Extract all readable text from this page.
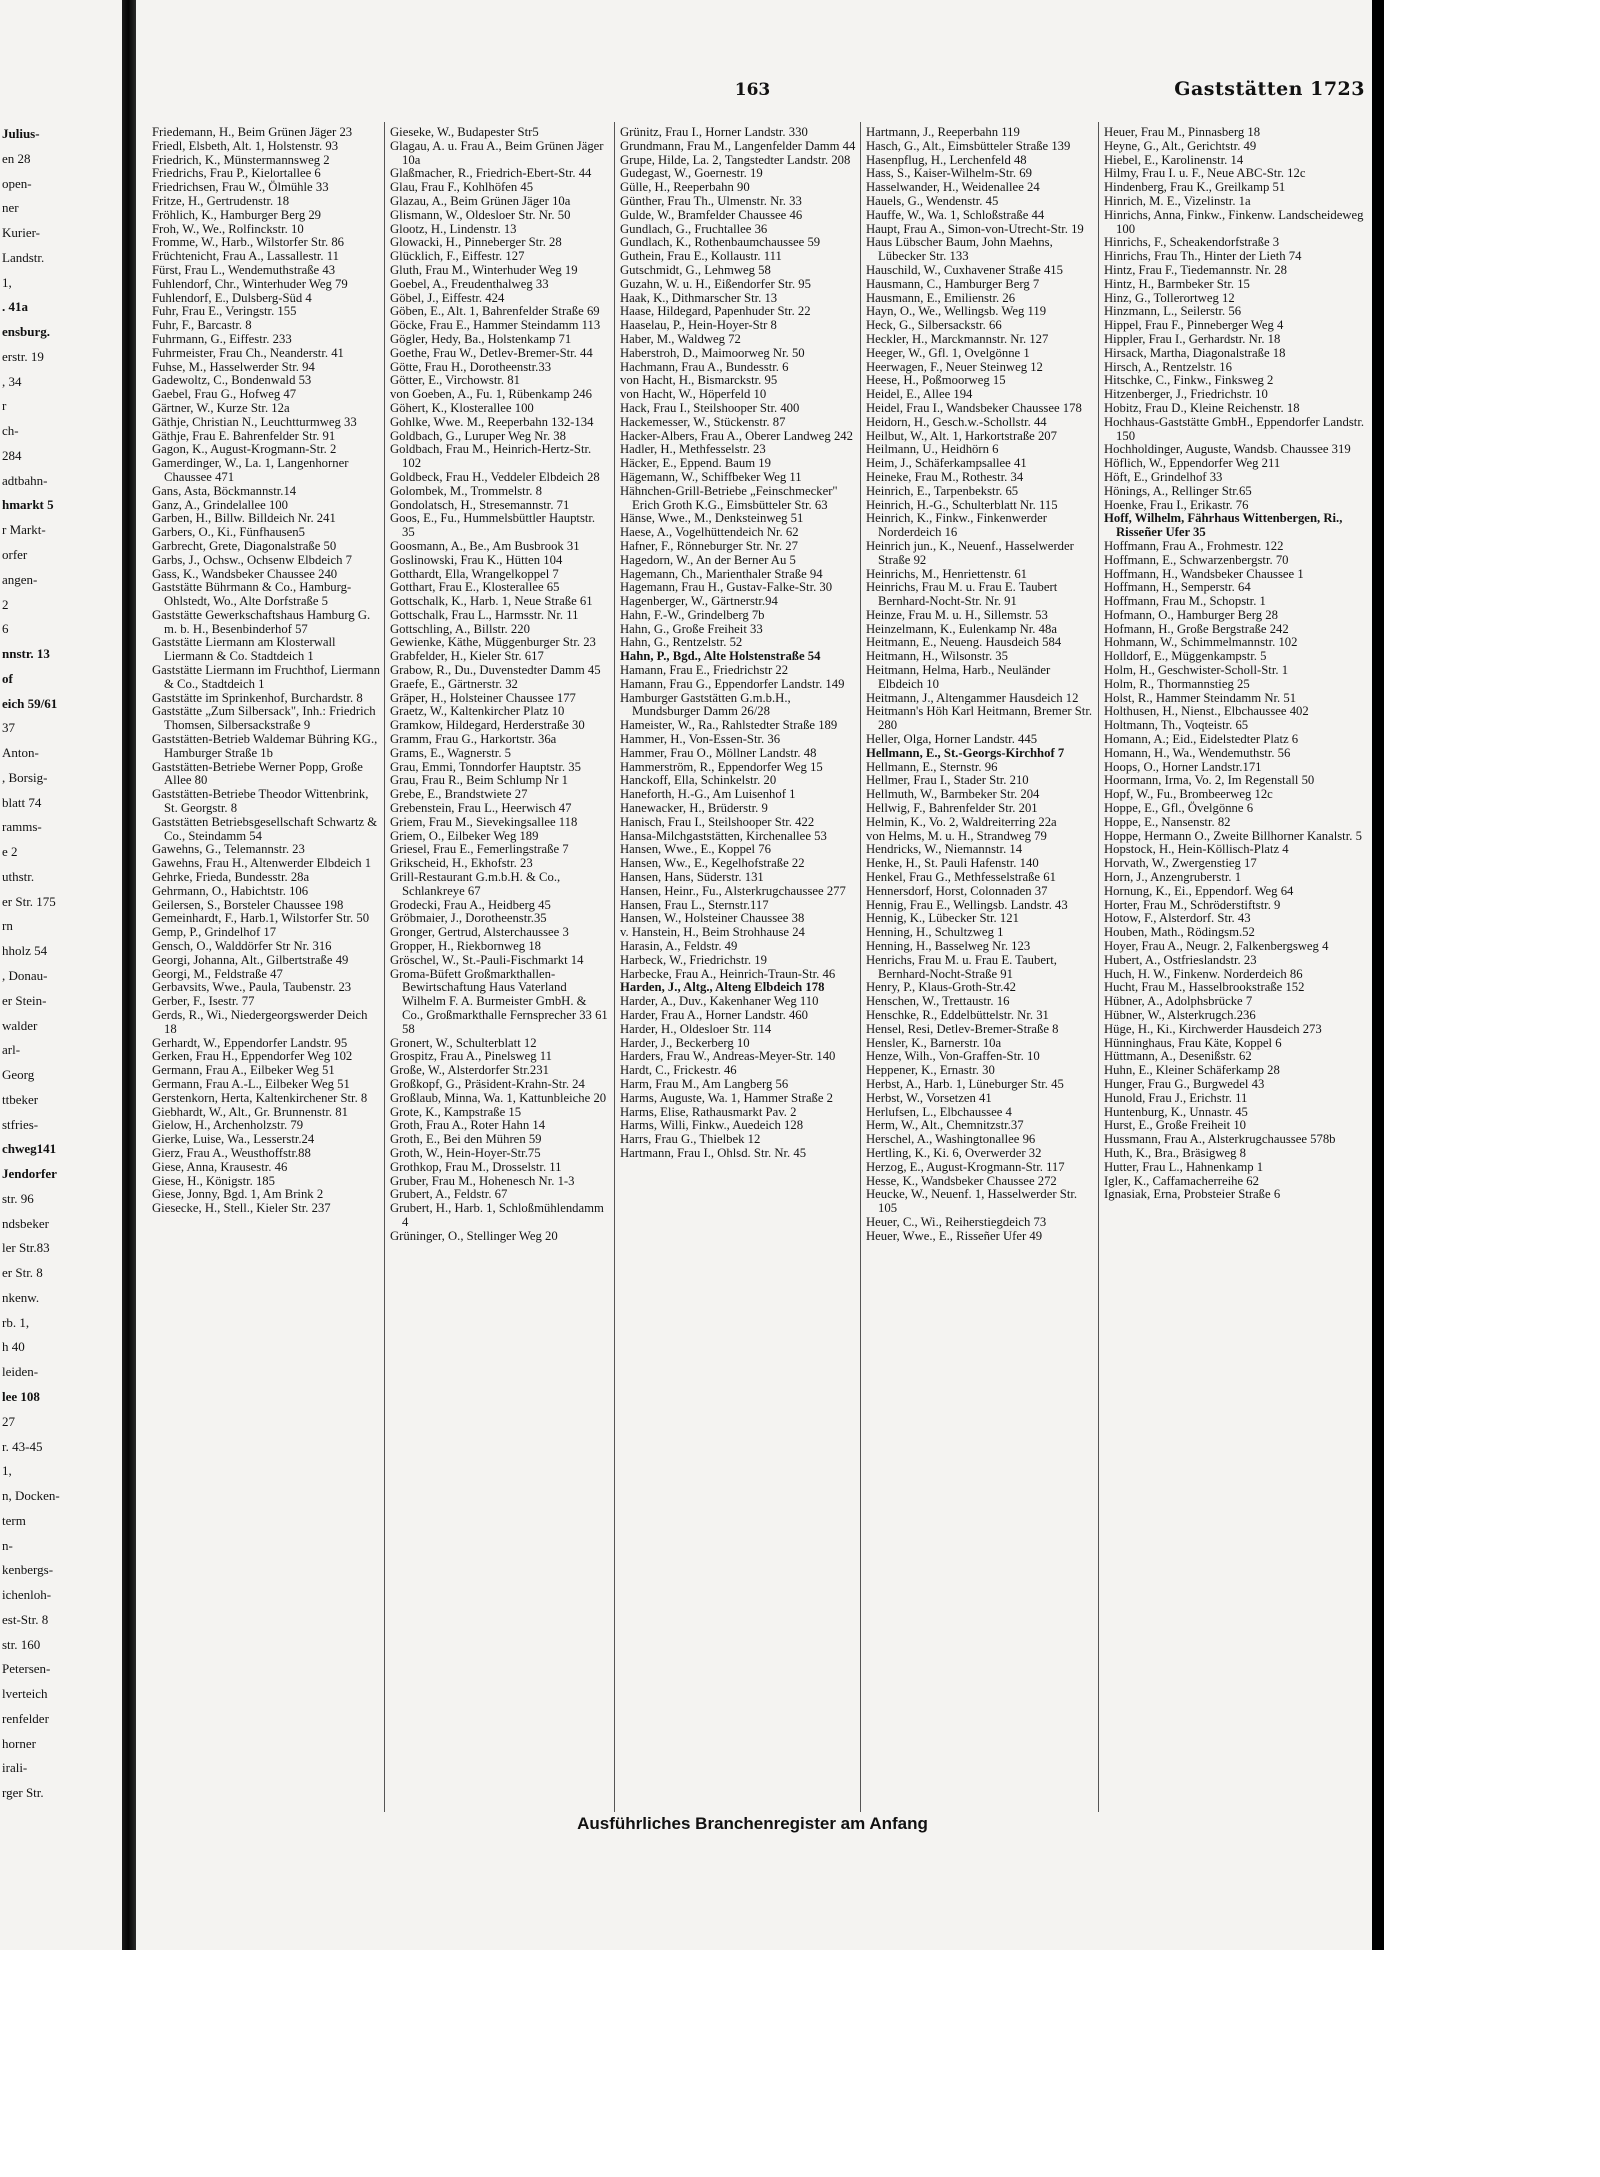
Julius-
en 28
open-
ner
Kurier-
Landstr.
1,
. 41a
ensburg.
erstr. 19
, 34
r
ch-
284
adtbahn-
hmarkt 5
r Markt-
orfer
angen-
2
6
nnstr. 13
of
eich 59/61
37
Anton-
, Borsig-
blatt 74
ramms-
e 2
uthstr.
er Str. 175
rn
hholz 54
, Donau-
er Stein-
walder
arl-
Georg
ttbeker
stfries-
chweg141
Jendorfer
str. 96
ndsbeker
ler Str.83
er Str. 8
nkenw.
rb. 1,
h 40
leiden-
lee 108
27
r. 43-45
1,
n, Docken-
term
n-
kenbergs-
ichenloh-
est-Str. 8
str. 160
Petersen-
lverteich
renfelder
horner
irali-
rger Str.
163	Gaststätten 1723

Friedemann, H., Beim Grünen Jäger 23

Friedl, Elsbeth, Alt. 1, Holstenstr. 93

Friedrich, K., Münstermannsweg 2

Friedrichs, Frau P., Kielortallee 6

Friedrichsen, Frau W., Ölmühle 33

Fritze, H., Gertrudenstr. 18

Fröhlich, K., Hamburger Berg 29

Froh, W., We., Rolfinckstr. 10

Fromme, W., Harb., Wilstorfer Str. 86

Früchtenicht, Frau A., Lassallestr. 11

Fürst, Frau L., Wendemuthstraße 43

Fuhlendorf, Chr., Winterhuder Weg 79

Fuhlendorf, E., Dulsberg-Süd 4

Fuhr, Frau E., Veringstr. 155

Fuhr, F., Barcastr. 8

Fuhrmann, G., Eiffestr. 233

Fuhrmeister, Frau Ch., Neanderstr. 41

Fuhse, M., Hasselwerder Str. 94

Gadewoltz, C., Bondenwald 53

Gaebel, Frau G., Hofweg 47

Gärtner, W., Kurze Str. 12a

Gäthje, Christian N., Leuchtturmweg 33

Gäthje, Frau E. Bahrenfelder Str. 91

Gagon, K., August-Krogmann-Str. 2

Gamerdinger, W., La. 1, Langenhorner Chaussee 471

Gans, Asta, Böckmannstr.14

Ganz, A., Grindelallee 100

Garben, H., Billw. Billdeich Nr. 241

Garbers, O., Ki., Fünfhausen5

Garbrecht, Grete, Diagonalstraße 50

Garbs, J., Ochsw., Ochsenw Elbdeich 7

Gass, K., Wandsbeker Chaussee 240

Gaststätte Bührmann & Co., Hamburg-Ohlstedt, Wo., Alte Dorfstraße 5

Gaststätte Gewerkschaftshaus Hamburg G. m. b. H., Besenbinderhof 57

Gaststätte Liermann am Klosterwall Liermann & Co. Stadtdeich 1

Gaststätte Liermann im Fruchthof, Liermann & Co., Stadtdeich 1

Gaststätte im Sprinkenhof, Burchardstr. 8

Gaststätte „Zum Silbersack", Inh.: Friedrich Thomsen, Silbersackstraße 9

Gaststätten-Betrieb Waldemar Bühring KG., Hamburger Straße 1b

Gaststätten-Betriebe Werner Popp, Große Allee 80

Gaststätten-Betriebe Theodor Wittenbrink, St. Georgstr. 8

Gaststätten Betriebsgesellschaft Schwartz & Co., Steindamm 54

Gawehns, G., Telemannstr. 23

Gawehns, Frau H., Altenwerder Elbdeich 1

Gehrke, Frieda, Bundesstr. 28a

Gehrmann, O., Habichtstr. 106

Geilersen, S., Borsteler Chaussee 198

Gemeinhardt, F., Harb.1, Wilstorfer Str. 50

Gemp, P., Grindelhof 17

Gensch, O., Walddörfer Str Nr. 316

Georgi, Johanna, Alt., Gilbertstraße 49

Georgi, M., Feldstraße 47

Gerbavsits, Wwe., Paula, Taubenstr. 23

Gerber, F., Isestr. 77

Gerds, R., Wi., Niedergeorgswerder Deich 18

Gerhardt, W., Eppendorfer Landstr. 95

Gerken, Frau H., Eppendorfer Weg 102

Germann, Frau A., Eilbeker Weg 51

Germann, Frau A.-L., Eilbeker Weg 51

Gerstenkorn, Herta, Kaltenkirchener Str. 8

Giebhardt, W., Alt., Gr. Brunnenstr. 81

Gielow, H., Archenholzstr. 79

Gierke, Luise, Wa., Lesserstr.24

Gierz, Frau A., Weusthoffstr.88

Giese, Anna, Krausestr. 46

Giese, H., Königstr. 185

Giese, Jonny, Bgd. 1, Am Brink 2

Giesecke, H., Stell., Kieler Str. 237

Gieseke, W., Budapester Str5

Glagau, A. u. Frau A., Beim Grünen Jäger 10a

Glaßmacher, R., Friedrich-Ebert-Str. 44

Glau, Frau F., Kohlhöfen 45

Glazau, A., Beim Grünen Jäger 10a

Glismann, W., Oldesloer Str. Nr. 50

Glootz, H., Lindenstr. 13

Glowacki, H., Pinneberger Str. 28

Glücklich, F., Eiffestr. 127

Gluth, Frau M., Winterhuder Weg 19

Goebel, A., Freudenthalweg 33

Göbel, J., Eiffestr. 424

Göben, E., Alt. 1, Bahrenfelder Straße 69

Göcke, Frau E., Hammer Steindamm 113

Gögler, Hedy, Ba., Holstenkamp 71

Goethe, Frau W., Detlev-Bremer-Str. 44

Götte, Frau H., Dorotheenstr.33

Götter, E., Virchowstr. 81

von Goeben, A., Fu. 1, Rübenkamp 246

Göhert, K., Klosterallee 100

Gohlke, Wwe. M., Reeperbahn 132-134

Goldbach, G., Luruper Weg Nr. 38

Goldbach, Frau M., Heinrich-Hertz-Str. 102

Goldbeck, Frau H., Veddeler Elbdeich 28

Golombek, M., Trommelstr. 8

Gondolatsch, H., Stresemannstr. 71

Goos, E., Fu., Hummelsbüttler Hauptstr. 35

Goosmann, A., Be., Am Busbrook 31

Goslinowski, Frau K., Hütten 104

Gotthardt, Ella, Wrangelkoppel 7

Gotthart, Frau E., Klosterallee 65

Gottschalk, K., Harb. 1, Neue Straße 61

Gottschalk, Frau L., Harmsstr. Nr. 11

Gottschling, A., Billstr. 220

Gewienke, Käthe, Müggenburger Str. 23

Grabfelder, H., Kieler Str. 617

Grabow, R., Du., Duvenstedter Damm 45

Graefe, E., Gärtnerstr. 32

Gräper, H., Holsteiner Chaussee 177

Graetz, W., Kaltenkircher Platz 10

Gramkow, Hildegard, Herderstraße 30

Gramm, Frau G., Harkortstr. 36a

Grams, E., Wagnerstr. 5

Grau, Emmi, Tonndorfer Hauptstr. 35

Grau, Frau R., Beim Schlump Nr 1

Grebe, E., Brandstwiete 27

Grebenstein, Frau L., Heerwisch 47

Griem, Frau M., Sievekingsallee 118

Griem, O., Eilbeker Weg 189

Griesel, Frau E., Femerlingstraße 7

Grikscheid, H., Ekhofstr. 23

Grill-Restaurant G.m.b.H. & Co., Schlankreye 67

Grodecki, Frau A., Heidberg 45

Gröbmaier, J., Dorotheenstr.35

Gronger, Gertrud, Alsterchaussee 3

Gropper, H., Riekbornweg 18

Gröschel, W., St.-Pauli-Fischmarkt 14

Groma-Büfett Großmarkthallen-Bewirtschaftung Haus Vaterland Wilhelm F. A. Burmeister GmbH. & Co., Großmarkthalle Fernsprecher 33 61 58

Gronert, W., Schulterblatt 12

Grospitz, Frau A., Pinelsweg 11

Große, W., Alsterdorfer Str.231

Großkopf, G., Präsident-Krahn-Str. 24

Großlaub, Minna, Wa. 1, Kattunbleiche 20

Grote, K., Kampstraße 15

Groth, Frau A., Roter Hahn 14

Groth, E., Bei den Mühren 59

Groth, W., Hein-Hoyer-Str.75

Grothkop, Frau M., Drosselstr. 11

Gruber, Frau M., Hohenesch Nr. 1-3

Grubert, A., Feldstr. 67

Grubert, H., Harb. 1, Schloßmühlendamm 4

Grüninger, O., Stellinger Weg 20

Grünitz, Frau I., Horner Landstr. 330

Grundmann, Frau M., Langenfelder Damm 44

Grupe, Hilde, La. 2, Tangstedter Landstr. 208

Gudegast, W., Goernestr. 19

Gülle, H., Reeperbahn 90

Günther, Frau Th., Ulmenstr. Nr. 33

Gulde, W., Bramfelder Chaussee 46

Gundlach, G., Fruchtallee 36

Gundlach, K., Rothenbaumchaussee 59

Guthein, Frau E., Kollaustr. 111

Gutschmidt, G., Lehmweg 58

Guzahn, W. u. H., Eißendorfer Str. 95

Haak, K., Dithmarscher Str. 13

Haase, Hildegard, Papenhuder Str. 22

Haaselau, P., Hein-Hoyer-Str 8

Haber, M., Waldweg 72

Haberstroh, D., Maimoorweg Nr. 50

Hachmann, Frau A., Bundesstr. 6

von Hacht, H., Bismarckstr. 95

von Hacht, W., Höperfeld 10

Hack, Frau I., Steilshooper Str. 400

Hackemesser, W., Stückenstr. 87

Hacker-Albers, Frau A., Oberer Landweg 242

Hadler, H., Methfesselstr. 23

Häcker, E., Eppend. Baum 19

Hägemann, W., Schiffbeker Weg 11

Hähnchen-Grill-Betriebe „Feinschmecker" Erich Groth K.G., Eimsbütteler Str. 63

Hänse, Wwe., M., Denksteinweg 51

Haese, A., Vogelhüttendeich Nr. 62

Hafner, F., Rönneburger Str. Nr. 27

Hagedorn, W., An der Berner Au 5

Hagemann, Ch., Marienthaler Straße 94

Hagemann, Frau H., Gustav-Falke-Str. 30

Hagenberger, W., Gärtnerstr.94

Hahn, F.-W., Grindelberg 7b

Hahn, G., Große Freiheit 33

Hahn, G., Rentzelstr. 52

Hahn, P., Bgd., Alte Holstenstraße 54

Hamann, Frau E., Friedrichstr 22

Hamann, Frau G., Eppendorfer Landstr. 149

Hamburger Gaststätten G.m.b.H., Mundsburger Damm 26/28

Hameister, W., Ra., Rahlstedter Straße 189

Hammer, H., Von-Essen-Str. 36

Hammer, Frau O., Möllner Landstr. 48

Hammerström, R., Eppendorfer Weg 15

Hanckoff, Ella, Schinkelstr. 20

Haneforth, H.-G., Am Luisenhof 1

Hanewacker, H., Brüderstr. 9

Hanisch, Frau I., Steilshooper Str. 422

Hansa-Milchgaststätten, Kirchenallee 53

Hansen, Wwe., E., Koppel 76

Hansen, Ww., E., Kegelhofstraße 22

Hansen, Hans, Süderstr. 131

Hansen, Heinr., Fu., Alsterkrugchaussee 277

Hansen, Frau L., Sternstr.117

Hansen, W., Holsteiner Chaussee 38

v. Hanstein, H., Beim Strohhause 24

Harasin, A., Feldstr. 49

Harbeck, W., Friedrichstr. 19

Harbecke, Frau A., Heinrich-Traun-Str. 46

Harden, J., Altg., Alteng Elbdeich 178

Harder, A., Duv., Kakenhaner Weg 110

Harder, Frau A., Horner Landstr. 460

Harder, H., Oldesloer Str. 114

Harder, J., Beckerberg 10

Harders, Frau W., Andreas-Meyer-Str. 140

Hardt, C., Frickestr. 46

Harm, Frau M., Am Langberg 56

Harms, Auguste, Wa. 1, Hammer Straße 2

Harms, Elise, Rathausmarkt Pav. 2

Harms, Willi, Finkw., Auedeich 128

Harrs, Frau G., Thielbek 12

Hartmann, Frau I., Ohlsd. Str. Nr. 45

Hartmann, J., Reeperbahn 119

Hasch, G., Alt., Eimsbütteler Straße 139

Hasenpflug, H., Lerchenfeld 48

Hass, S., Kaiser-Wilhelm-Str. 69

Hasselwander, H., Weidenallee 24

Hauels, G., Wendenstr. 45

Hauffe, W., Wa. 1, Schloßstraße 44

Haupt, Frau A., Simon-von-Utrecht-Str. 19

Haus Lübscher Baum, John Maehns, Lübecker Str. 133

Hauschild, W., Cuxhavener Straße 415

Hausmann, C., Hamburger Berg 7

Hausmann, E., Emilienstr. 26

Hayn, O., We., Wellingsb. Weg 119

Heck, G., Silbersackstr. 66

Heckler, H., Marckmannstr. Nr. 127

Heeger, W., Gfl. 1, Ovelgönne 1

Heerwagen, F., Neuer Steinweg 12

Heese, H., Poßmoorweg 15

Heidel, E., Allee 194

Heidel, Frau I., Wandsbeker Chaussee 178

Heidorn, H., Gesch.w.-Schollstr. 44

Heilbut, W., Alt. 1, Harkortstraße 207

Heilmann, U., Heidhörn 6

Heim, J., Schäferkampsallee 41

Heineke, Frau M., Rothestr. 34

Heinrich, E., Tarpenbekstr. 65

Heinrich, H.-G., Schulterblatt Nr. 115

Heinrich, K., Finkw., Finkenwerder Norderdeich 16

Heinrich jun., K., Neuenf., Hasselwerder Straße 92

Heinrichs, M., Henriettenstr. 61

Heinrichs, Frau M. u. Frau E. Taubert Bernhard-Nocht-Str. Nr. 91

Heinze, Frau M. u. H., Sillemstr. 53

Heinzelmann, K., Eulenkamp Nr. 48a

Heitmann, E., Neueng. Hausdeich 584

Heitmann, H., Wilsonstr. 35

Heitmann, Helma, Harb., Neuländer Elbdeich 10

Heitmann, J., Altengammer Hausdeich 12

Heitmann's Höh Karl Heitmann, Bremer Str. 280

Heller, Olga, Horner Landstr. 445

Hellmann, E., St.-Georgs-Kirchhof 7

Hellmann, E., Sternstr. 96

Hellmer, Frau I., Stader Str. 210

Hellmuth, W., Barmbeker Str. 204

Hellwig, F., Bahrenfelder Str. 201

Helmin, K., Vo. 2, Waldreiterring 22a

von Helms, M. u. H., Strandweg 79

Hendricks, W., Niemannstr. 14

Henke, H., St. Pauli Hafenstr. 140

Henkel, Frau G., Methfesselstraße 61

Hennersdorf, Horst, Colonnaden 37

Hennig, Frau E., Wellingsb. Landstr. 43

Hennig, K., Lübecker Str. 121

Henning, H., Schultzweg 1

Henning, H., Basselweg Nr. 123

Henrichs, Frau M. u. Frau E. Taubert, Bernhard-Nocht-Straße 91

Henry, P., Klaus-Groth-Str.42

Henschen, W., Trettaustr. 16

Henschke, R., Eddelbüttelstr. Nr. 31

Hensel, Resi, Detlev-Bremer-Straße 8

Hensler, K., Barnerstr. 10a

Henze, Wilh., Von-Graffen-Str. 10

Heppener, K., Ernastr. 30

Herbst, A., Harb. 1, Lüneburger Str. 45

Herbst, W., Vorsetzen 41

Herlufsen, L., Elbchaussee 4

Herm, W., Alt., Chemnitzstr.37

Herschel, A., Washingtonallee 96

Hertling, K., Ki. 6, Overwerder 32

Herzog, E., August-Krogmann-Str. 117

Hesse, K., Wandsbeker Chaussee 272

Heucke, W., Neuenf. 1, Hasselwerder Str. 105

Heuer, C., Wi., Reiherstiegdeich 73

Heuer, Wwe., E., Risseñer Ufer 49

Heuer, Frau M., Pinnasberg 18

Heyne, G., Alt., Gerichtstr. 49

Hiebel, E., Karolinenstr. 14

Hilmy, Frau I. u. F., Neue ABC-Str. 12c

Hindenberg, Frau K., Greilkamp 51

Hinrich, M. E., Vizelinstr. 1a

Hinrichs, Anna, Finkw., Finkenw. Landscheideweg 100

Hinrichs, F., Scheakendorfstraße 3

Hinrichs, Frau Th., Hinter der Lieth 74

Hintz, Frau F., Tiedemannstr. Nr. 28

Hintz, H., Barmbeker Str. 15

Hinz, G., Tollerortweg 12

Hinzmann, L., Seilerstr. 56

Hippel, Frau F., Pinneberger Weg 4

Hippler, Frau I., Gerhardstr. Nr. 18

Hirsack, Martha, Diagonalstraße 18

Hirsch, A., Rentzelstr. 16

Hitschke, C., Finkw., Finksweg 2

Hitzenberger, J., Friedrichstr. 10

Hobitz, Frau D., Kleine Reichenstr. 18

Hochhaus-Gaststätte GmbH., Eppendorfer Landstr. 150

Hochholdinger, Auguste, Wandsb. Chaussee 319

Höflich, W., Eppendorfer Weg 211

Höft, E., Grindelhof 33

Hönings, A., Rellinger Str.65

Hoenke, Frau I., Erikastr. 76

Hoff, Wilhelm, Fährhaus Wittenbergen, Ri., Risseñer Ufer 35

Hoffmann, Frau A., Frohmestr. 122

Hoffmann, E., Schwarzenbergstr. 70

Hoffmann, H., Wandsbeker Chaussee 1

Hoffmann, H., Semperstr. 64

Hoffmann, Frau M., Schopstr. 1

Hofmann, O., Hamburger Berg 28

Hofmann, H., Große Bergstraße 242

Hohmann, W., Schimmelmannstr. 102

Holldorf, E., Müggenkampstr. 5

Holm, H., Geschwister-Scholl-Str. 1

Holm, R., Thormannstieg 25

Holst, R., Hammer Steindamm Nr. 51

Holthusen, H., Nienst., Elbchaussee 402

Holtmann, Th., Voqteistr. 65

Homann, A.; Eid., Eidelstedter Platz 6

Homann, H., Wa., Wendemuthstr. 56

Hoops, O., Horner Landstr.171

Hoormann, Irma, Vo. 2, Im Regenstall 50

Hopf, W., Fu., Brombeerweg 12c

Hoppe, E., Gfl., Övelgönne 6

Hoppe, E., Nansenstr. 82

Hoppe, Hermann O., Zweite Billhorner Kanalstr. 5

Hopstock, H., Hein-Köllisch-Platz 4

Horvath, W., Zwergenstieg 17

Horn, J., Anzengruberstr. 1

Hornung, K., Ei., Eppendorf. Weg 64

Horter, Frau M., Schröderstiftstr. 9

Hotow, F., Alsterdorf. Str. 43

Houben, Math., Rödingsm.52

Hoyer, Frau A., Neugr. 2, Falkenbergsweg 4

Hubert, A., Ostfrieslandstr. 23

Huch, H. W., Finkenw. Norderdeich 86

Hucht, Frau M., Hasselbrookstraße 152

Hübner, A., Adolphsbrücke 7

Hübner, W., Alsterkrugch.236

Hüge, H., Ki., Kirchwerder Hausdeich 273

Hünninghaus, Frau Käte, Koppel 6

Hüttmann, A., Desenißstr. 62

Huhn, E., Kleiner Schäferkamp 28

Hunger, Frau G., Burgwedel 43

Hunold, Frau J., Erichstr. 11

Huntenburg, K., Unnastr. 45

Hurst, E., Große Freiheit 10

Hussmann, Frau A., Alsterkrugchaussee 578b

Huth, K., Bra., Bräsigweg 8

Hutter, Frau L., Hahnenkamp 1

Igler, K., Caffamacherreihe 62

Ignasiak, Erna, Probsteier Straße 6

Ausführliches Branchenregister am Anfang
